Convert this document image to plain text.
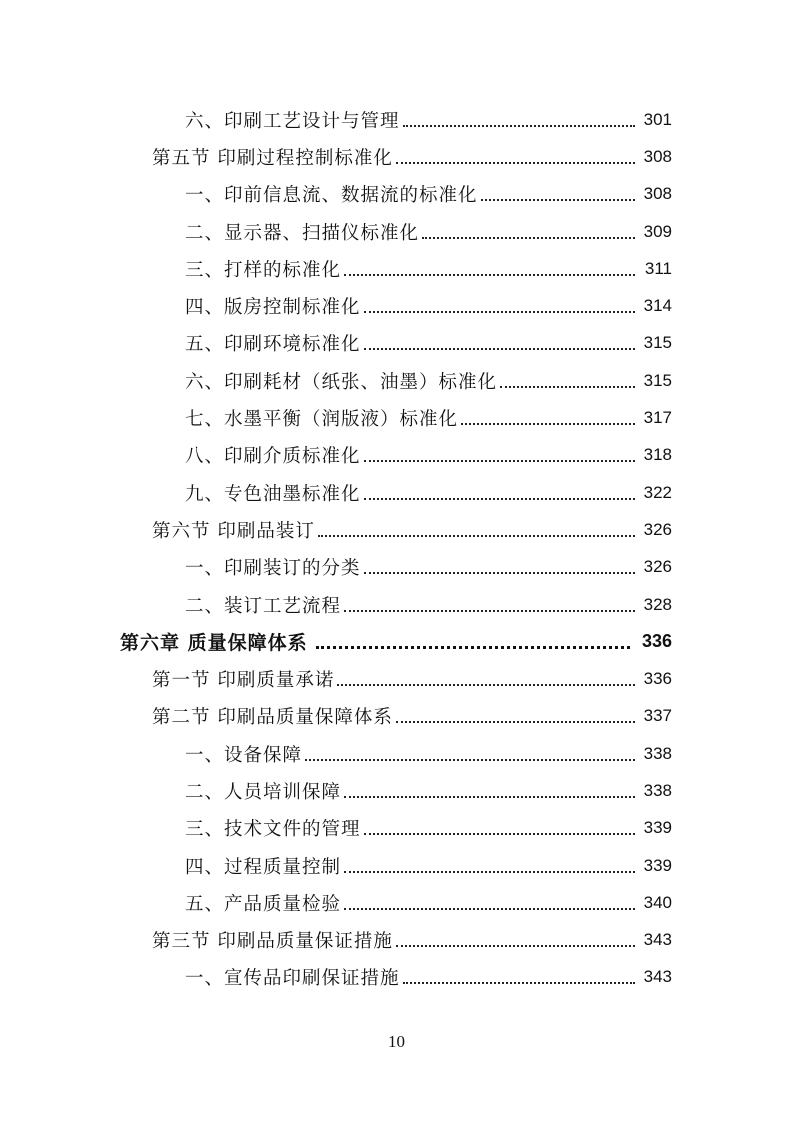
六、印刷工艺设计与管理	301
第五节 印刷过程控制标准化	308
一、印前信息流、数据流的标准化	308
二、显示器、扫描仪标准化	309
三、打样的标准化	311
四、版房控制标准化	314
五、印刷环境标准化	315
六、印刷耗材（纸张、油墨）标准化	315
七、水墨平衡（润版液）标准化	317
八、印刷介质标准化	318
九、专色油墨标准化	322
第六节 印刷品装订	326
一、印刷装订的分类	326
二、装订工艺流程	328
第六章 质量保障体系	336
第一节 印刷质量承诺	336
第二节 印刷品质量保障体系	337
一、设备保障	338
二、人员培训保障	338
三、技术文件的管理	339
四、过程质量控制	339
五、产品质量检验	340
第三节 印刷品质量保证措施	343
一、宣传品印刷保证措施	343
10
